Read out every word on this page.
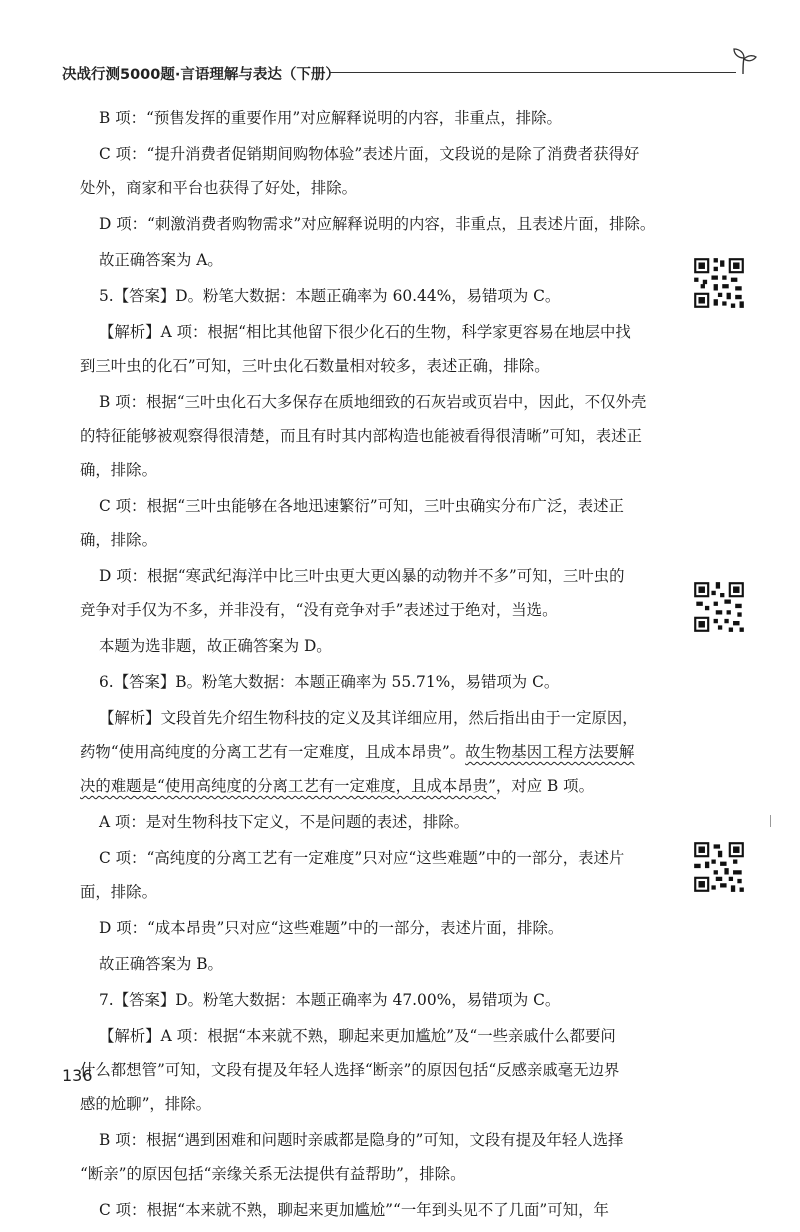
决战行测5000题·言语理解与表达（下册）

B 项：“预售发挥的重要作用”对应解释说明的内容，非重点，排除。

C 项：“提升消费者促销期间购物体验”表述片面，文段说的是除了消费者获得好

处外，商家和平台也获得了好处，排除。

D 项：“刺激消费者购物需求”对应解释说明的内容，非重点，且表述片面，排除。

故正确答案为 A。

5.【答案】D。粉笔大数据：本题正确率为 60.44%，易错项为 C。

【解析】A 项：根据“相比其他留下很少化石的生物，科学家更容易在地层中找

到三叶虫的化石”可知，三叶虫化石数量相对较多，表述正确，排除。

B 项：根据“三叶虫化石大多保存在质地细致的石灰岩或页岩中，因此，不仅外壳

的特征能够被观察得很清楚，而且有时其内部构造也能被看得很清晰”可知，表述正

确，排除。

C 项：根据“三叶虫能够在各地迅速繁衍”可知，三叶虫确实分布广泛，表述正

确，排除。

D 项：根据“寒武纪海洋中比三叶虫更大更凶暴的动物并不多”可知，三叶虫的

竞争对手仅为不多，并非没有，“没有竞争对手”表述过于绝对，当选。

本题为选非题，故正确答案为 D。

6.【答案】B。粉笔大数据：本题正确率为 55.71%，易错项为 C。

【解析】文段首先介绍生物科技的定义及其详细应用，然后指出由于一定原因，

药物“使用高纯度的分离工艺有一定难度，且成本昂贵”。故生物基因工程方法要解

决的难题是“使用高纯度的分离工艺有一定难度，且成本昂贵”，对应 B 项。

A 项：是对生物科技下定义，不是问题的表述，排除。

C 项：“高纯度的分离工艺有一定难度”只对应“这些难题”中的一部分，表述片

面，排除。

D 项：“成本昂贵”只对应“这些难题”中的一部分，表述片面，排除。

故正确答案为 B。

7.【答案】D。粉笔大数据：本题正确率为 47.00%，易错项为 C。

【解析】A 项：根据“本来就不熟，聊起来更加尴尬”及“一些亲戚什么都要问

什么都想管”可知，文段有提及年轻人选择“断亲”的原因包括“反感亲戚毫无边界

感的尬聊”，排除。

B 项：根据“遇到困难和问题时亲戚都是隐身的”可知，文段有提及年轻人选择

“断亲”的原因包括“亲缘关系无法提供有益帮助”，排除。

C 项：根据“本来就不熟，聊起来更加尴尬”“一年到头见不了几面”可知，年

136
